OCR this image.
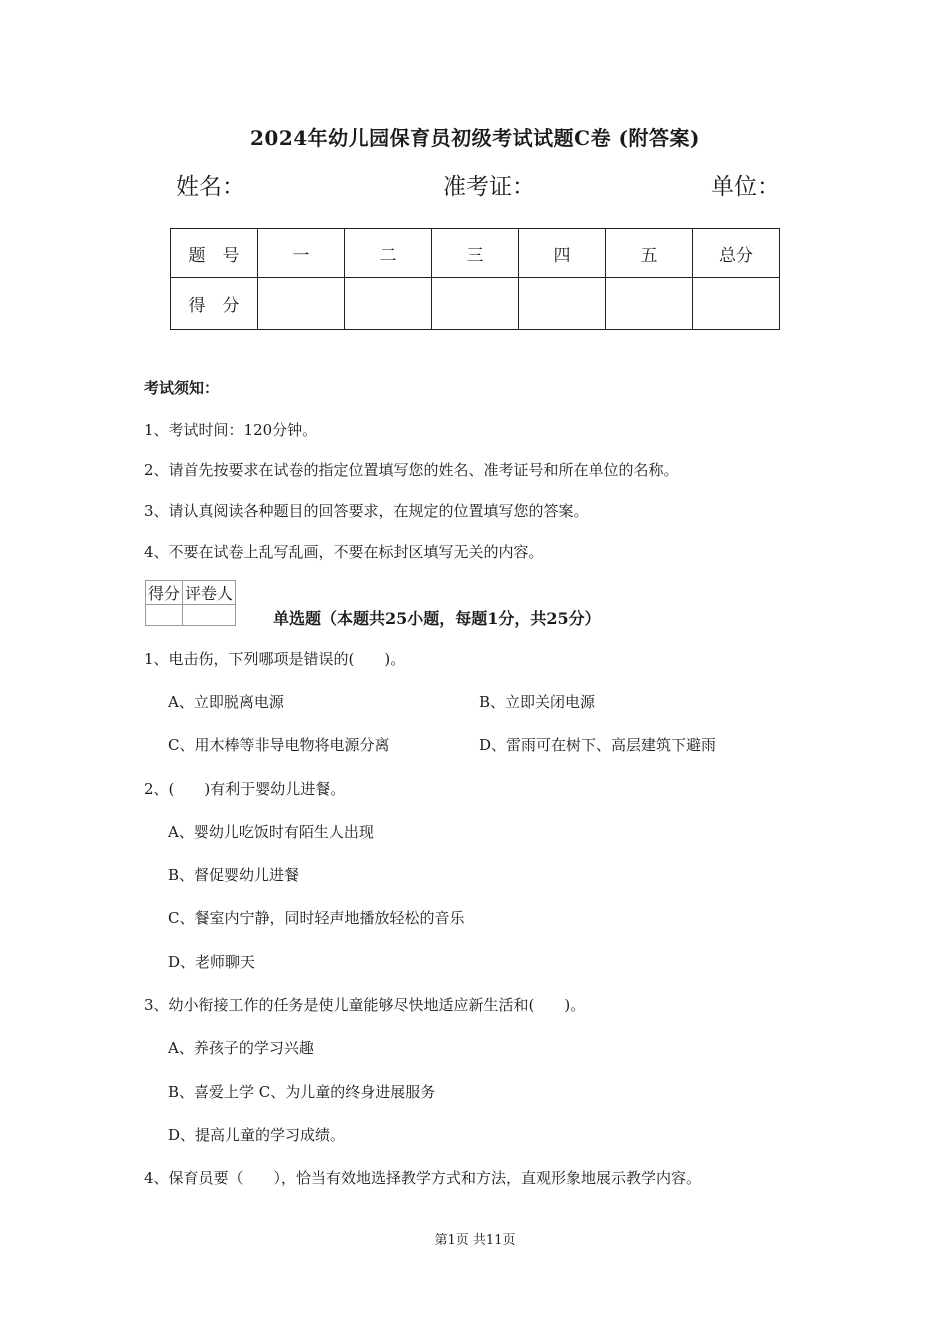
2024年幼儿园保育员初级考试试题C卷 (附答案)
姓名：	准考证：	单位：
题　号	一	二	三	四	五	总分
得　分						
考试须知：
1、考试时间：120分钟。
2、请首先按要求在试卷的指定位置填写您的姓名、准考证号和所在单位的名称。
3、请认真阅读各种题目的回答要求，在规定的位置填写您的答案。
4、不要在试卷上乱写乱画，不要在标封区填写无关的内容。
得分	评卷人

单选题（本题共25小题，每题1分，共25分）
1、电击伤，下列哪项是错误的(　　)。
A、立即脱离电源	B、立即关闭电源
C、用木棒等非导电物将电源分离	D、雷雨可在树下、高层建筑下避雨
2、(　　)有利于婴幼儿进餐。
A、婴幼儿吃饭时有陌生人出现
B、督促婴幼儿进餐
C、餐室内宁静，同时轻声地播放轻松的音乐
D、老师聊天
3、幼小衔接工作的任务是使儿童能够尽快地适应新生活和(　　)。
A、养孩子的学习兴趣
B、喜爱上学 C、为儿童的终身进展服务
D、提高儿童的学习成绩。
4、保育员要（　　），恰当有效地选择教学方式和方法，直观形象地展示教学内容。
第1页 共11页
